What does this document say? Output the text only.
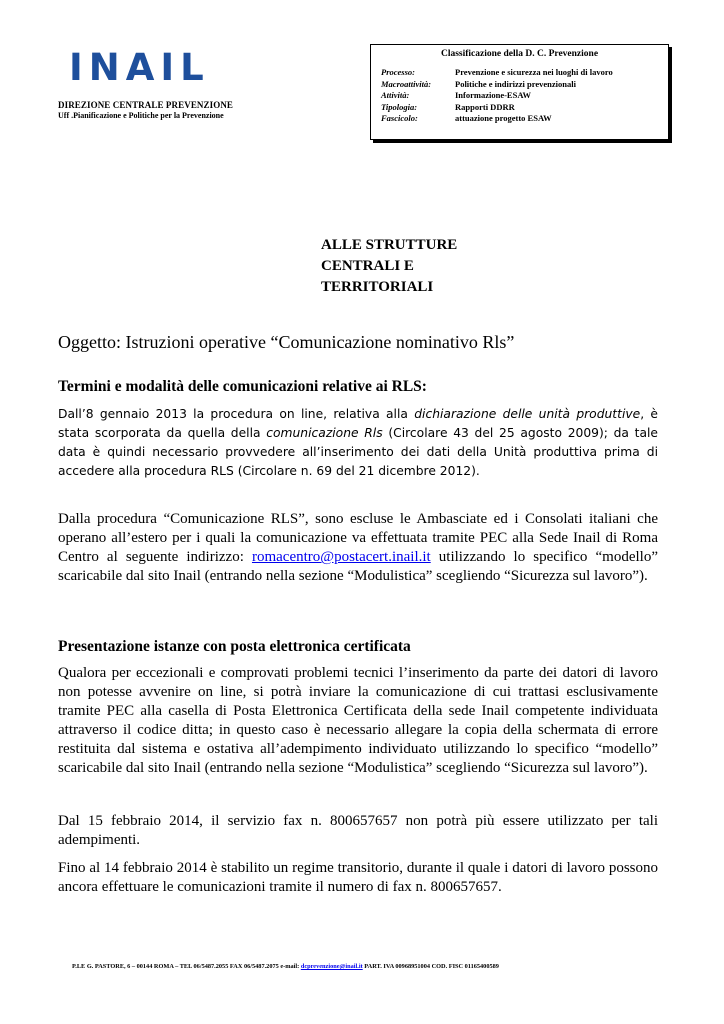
INAIL
DIREZIONE CENTRALE PREVENZIONE
Uff .Pianificazione e Politiche per la Prevenzione
Classificazione della D. C. Prevenzione
Processo:	Prevenzione e sicurezza nei luoghi di lavoro
Macroattività:	Politiche e indirizzi prevenzionali
Attività:	Informazione-ESAW
Tipologia:	Rapporti DDRR
Fascicolo:	attuazione progetto ESAW
ALLE STRUTTURE CENTRALI E TERRITORIALI
Oggetto: Istruzioni operative “Comunicazione nominativo Rls”
Termini e modalità delle comunicazioni relative ai RLS:
Dall’8 gennaio 2013 la procedura on line, relativa alla dichiarazione delle unità produttive, è stata scorporata da quella della comunicazione Rls (Circolare 43 del 25 agosto 2009); da tale data è quindi necessario provvedere all’inserimento dei dati della Unità produttiva prima di accedere alla procedura RLS (Circolare n. 69 del 21 dicembre 2012).
Dalla procedura “Comunicazione RLS”, sono escluse le Ambasciate ed i Consolati italiani che operano all’estero per i quali la comunicazione va effettuata tramite PEC alla Sede Inail di Roma Centro al seguente indirizzo: romacentro@postacert.inail.it utilizzando lo specifico “modello” scaricabile dal sito Inail (entrando nella sezione “Modulistica” scegliendo “Sicurezza sul lavoro”).
Presentazione istanze con posta elettronica certificata
Qualora per eccezionali e comprovati problemi tecnici l’inserimento da parte dei datori di lavoro non potesse avvenire on line, si potrà inviare la comunicazione di cui trattasi esclusivamente tramite PEC alla casella di Posta Elettronica Certificata della sede Inail competente individuata attraverso il codice ditta; in questo caso è necessario allegare la copia della schermata di errore restituita dal sistema e ostativa all’adempimento individuato utilizzando lo specifico “modello” scaricabile dal sito Inail (entrando nella sezione “Modulistica” scegliendo “Sicurezza sul lavoro”).
Dal 15 febbraio 2014, il servizio fax n. 800657657 non potrà più essere utilizzato per tali adempimenti.
Fino al 14 febbraio 2014 è stabilito un regime transitorio, durante il quale i datori di lavoro possono ancora effettuare le comunicazioni tramite il numero di fax n. 800657657.
P.LE G. PASTORE, 6 – 00144 ROMA – TEL 06/5487.2055 FAX 06/5487.2075 e-mail: dcprevenzione@inail.it PART. IVA 00968951004 COD. FISC 01165400589
